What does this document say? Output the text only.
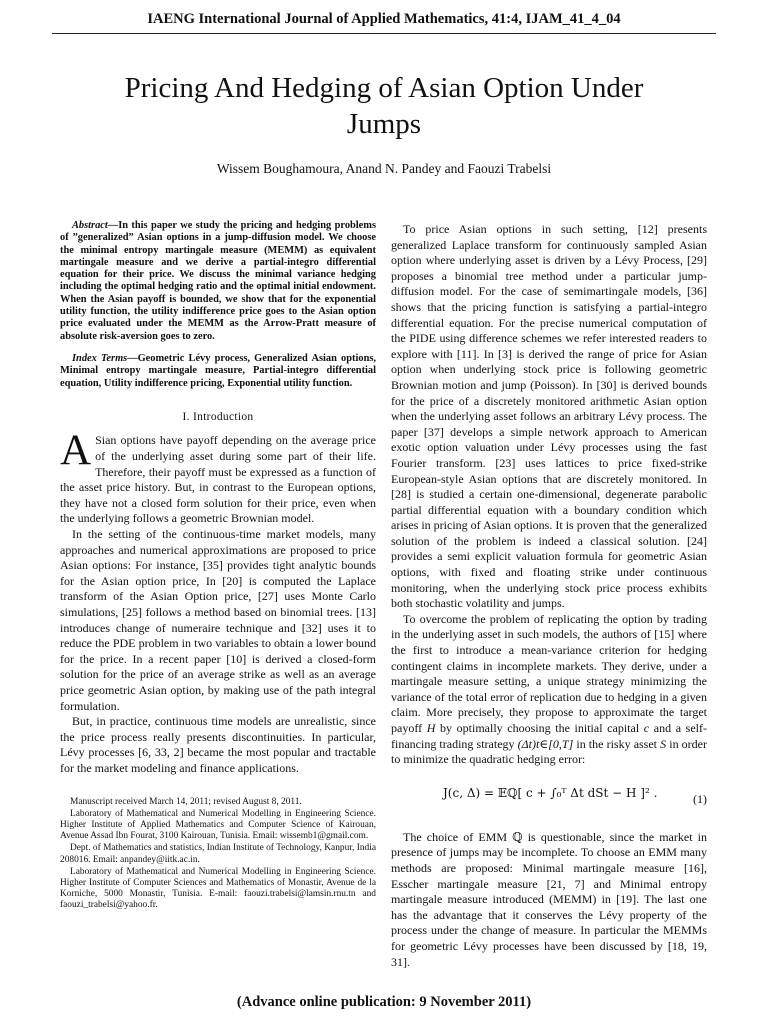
IAENG International Journal of Applied Mathematics, 41:4, IJAM_41_4_04
Pricing And Hedging of Asian Option Under
Jumps
Wissem Boughamoura, Anand N. Pandey and Faouzi Trabelsi

Abstract—In this paper we study the pricing and hedging problems of ”generalized” Asian options in a jump-diffusion model. We choose the minimal entropy martingale measure (MEMM) as equivalent martingale measure and we derive a partial-integro differential equation for their price. We discuss the minimal variance hedging including the optimal hedging ratio and the optimal initial endowment. When the Asian payoff is bounded, we show that for the exponential utility function, the utility indifference price goes to the Asian option price evaluated under the MEMM as the Arrow-Pratt measure of absolute risk-aversion goes to zero.

Index Terms—Geometric Lévy process, Generalized Asian options, Minimal entropy martingale measure, Partial-integro differential equation, Utility indifference pricing, Exponential utility function.

I. Introduction

A Sian options have payoff depending on the average price of the underlying asset during some part of their life. Therefore, their payoff must be expressed as a function of the asset price history. But, in contrast to the European options, they have not a closed form solution for their price, even when the underlying follows a geometric Brownian model.

In the setting of the continuous-time market models, many approaches and numerical approximations are proposed to price Asian options: For instance, [35] provides tight analytic bounds for the Asian option price, In [20] is computed the Laplace transform of the Asian Option price, [27] uses Monte Carlo simulations, [25] follows a method based on binomial trees. [13] introduces change of numeraire technique and [32] uses it to reduce the PDE problem in two variables to obtain a lower bound for the price. In a recent paper [10] is derived a closed-form solution for the price of an average strike as well as an average price geometric Asian option, by making use of the path integral formulation.

But, in practice, continuous time models are unrealistic, since the price process really presents discontinuities. In particular, Lévy processes [6, 33, 2] became the most popular and tractable for the market modeling and finance applications.

Manuscript received March 14, 2011; revised August 8, 2011.

Laboratory of Mathematical and Numerical Modelling in Engineering Science. Higher Institute of Applied Mathematics and Computer Science of Kairouan, Avenue Assad Ibn Fourat, 3100 Kairouan, Tunisia. Email: wissemb1@gmail.com.

Dept. of Mathematics and statistics, Indian Institute of Technology, Kanpur, India 208016. Email: anpandey@iitk.ac.in.

Laboratory of Mathematical and Numerical Modelling in Engineering Science. Higher Institute of Computer Sciences and Mathematics of Monastir, Avenue de la Korniche, 5000 Monastir, Tunisia. E-mail: faouzi.trabelsi@lamsin.rnu.tn and faouzi_trabelsi@yahoo.fr.

To price Asian options in such setting, [12] presents generalized Laplace transform for continuously sampled Asian option where underlying asset is driven by a Lévy Process, [29] proposes a binomial tree method under a particular jump-diffusion model. For the case of semimartingale models, [36] shows that the pricing function is satisfying a partial-integro differential equation. For the precise numerical computation of the PIDE using difference schemes we refer interested readers to explore with [11]. In [3] is derived the range of price for Asian option when underlying stock price is following geometric Brownian motion and jump (Poisson). In [30] is derived bounds for the price of a discretely monitored arithmetic Asian option when the underlying asset follows an arbitrary Lévy process. The paper [37] develops a simple network approach to American exotic option valuation under Lévy processes using the fast Fourier transform. [23] uses lattices to price fixed-strike European-style Asian options that are discretely monitored. In [28] is studied a certain one-dimensional, degenerate parabolic partial differential equation with a boundary condition which arises in pricing of Asian options. It is proven that the generalized solution of the problem is indeed a classical solution. [24] provides a semi explicit valuation formula for geometric Asian options, with fixed and floating strike under continuous monitoring, when the underlying stock price process exhibits both stochastic volatility and jumps.

To overcome the problem of replicating the option by trading in the underlying asset in such models, the authors of [15] where the first to introduce a mean-variance criterion for hedging contingent claims in incomplete markets. They derive, under a martingale measure setting, a unique strategy minimizing the variance of the total error of replication due to hedging in a given claim. More precisely, they propose to approximate the target payoff H by optimally choosing the initial capital c and a self-financing trading strategy (Δt)t∈[0,T] in the risky asset S in order to minimize the quadratic hedging error:

J(c, Δ) = 𝔼ℚ[ c + ∫₀ᵀ Δt dSt − H ]² .	(1)

The choice of EMM ℚ is questionable, since the market in presence of jumps may be incomplete. To choose an EMM many methods are proposed: Minimal martingale measure [16], Esscher martingale measure [21, 7] and Minimal entropy martingale measure introduced (MEMM) in [19]. The last one has the advantage that it conserves the Lévy property of the process under the change of measure. In particular the MEMMs for geometric Lévy processes have been discussed by [18, 19, 31].

(Advance online publication: 9 November 2011)
